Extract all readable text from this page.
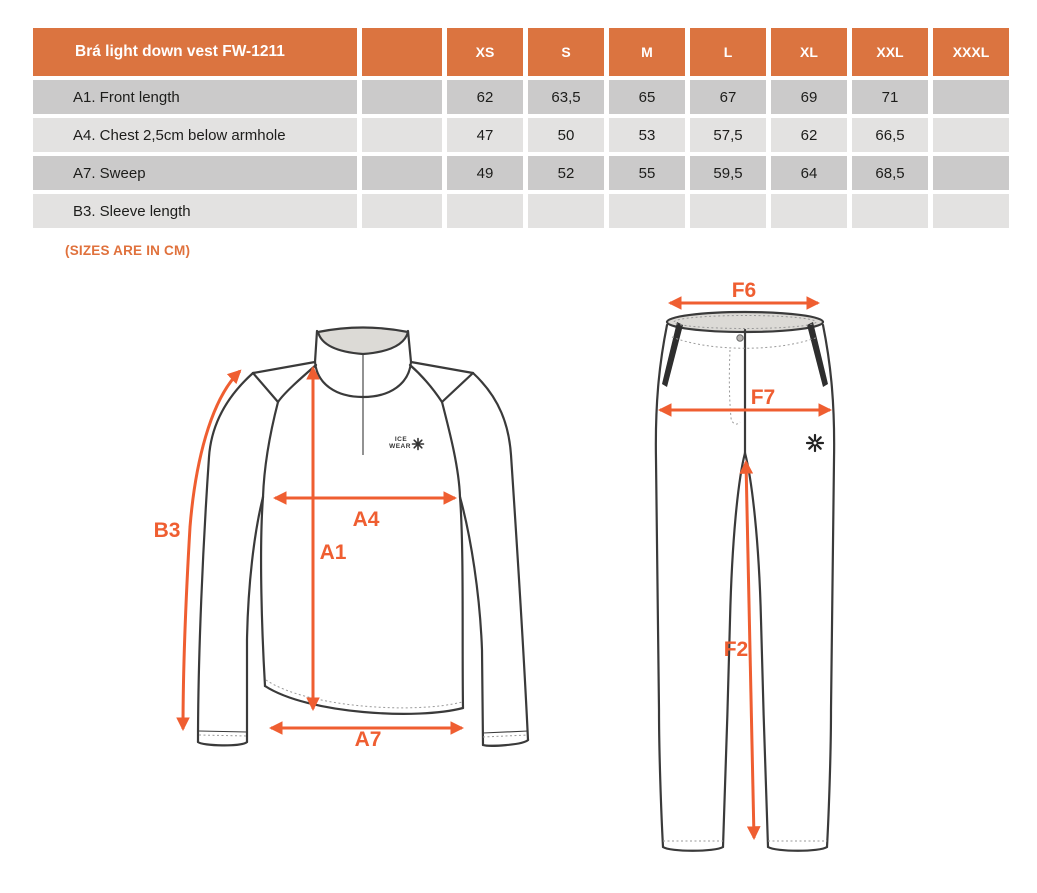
Brá light down vest FW-1211	XS	S	M	L	XL	XXL	XXXL
A1. Front length	62	63,5	65	67	69	71
A4. Chest 2,5cm below armhole	47	50	53	57,5	62	66,5
A7. Sweep	49	52	55	59,5	64	68,5
B3. Sleeve length
(SIZES ARE IN CM)
ICE
WEAR
B3	A4
A1
A7
F6
F7
F2
